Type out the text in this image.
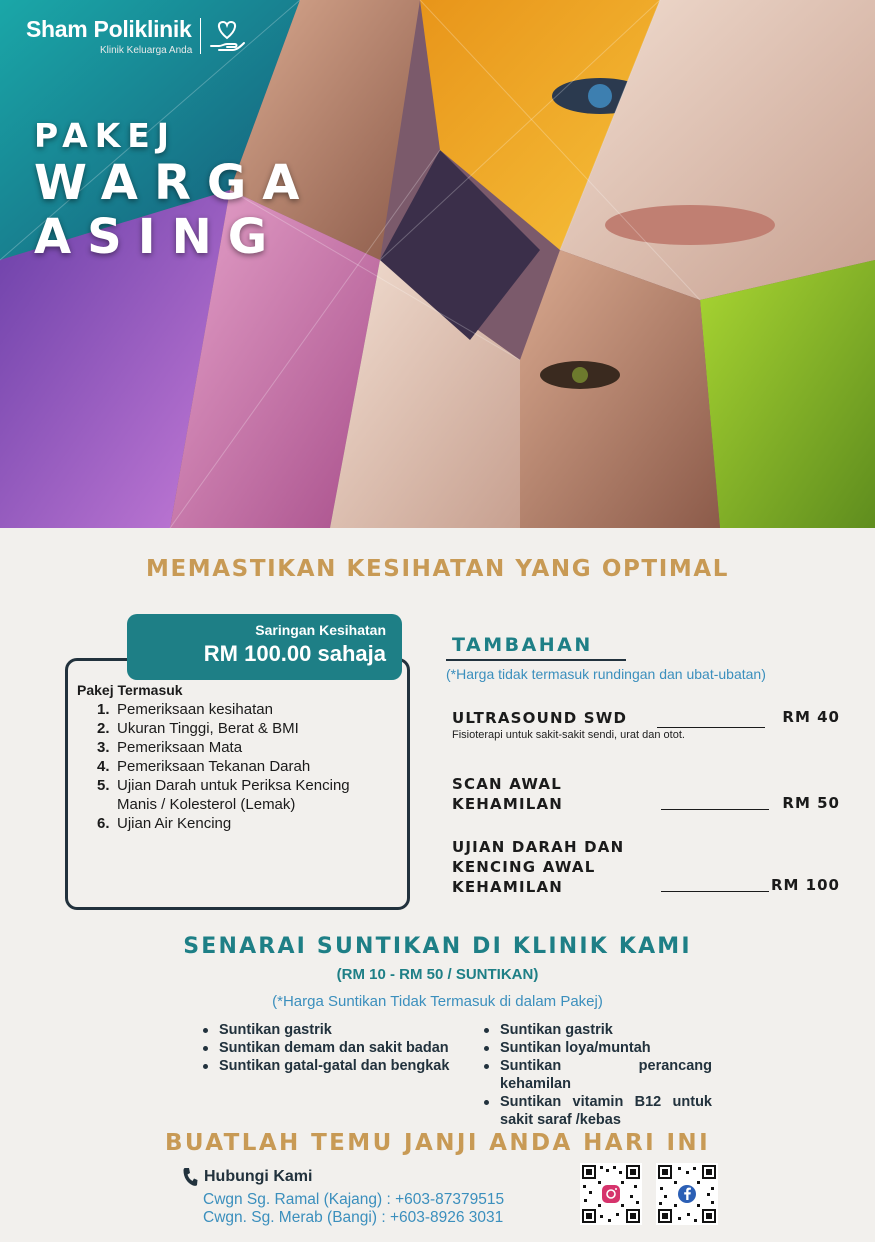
Sham Poliklinik
Klinik Keluarga Anda
PAKEJ
WARGA
ASING
MEMASTIKAN KESIHATAN YANG OPTIMAL
Saringan Kesihatan
RM 100.00 sahaja
Pakej Termasuk
1. Pemeriksaan kesihatan
2. Ukuran Tinggi, Berat & BMI
3. Pemeriksaan Mata
4. Pemeriksaan Tekanan Darah
5. Ujian Darah untuk Periksa Kencing Manis / Kolesterol (Lemak)
6. Ujian Air Kencing
TAMBAHAN
(*Harga tidak termasuk rundingan dan ubat-ubatan)
ULTRASOUND SWD	RM 40
Fisioterapi untuk sakit-sakit sendi, urat dan otot.
SCAN AWAL
KEHAMILAN	RM 50
UJIAN DARAH DAN
KENCING AWAL
KEHAMILAN	RM 100
SENARAI SUNTIKAN DI KLINIK KAMI
(RM 10 - RM 50 / SUNTIKAN)
(*Harga Suntikan Tidak Termasuk di dalam Pakej)
Suntikan gastrik
Suntikan demam dan sakit badan
Suntikan gatal-gatal dan bengkak
Suntikan gastrik
Suntikan loya/muntah
Suntikan perancang kehamilan
Suntikan vitamin B12 untuk sakit saraf /kebas
BUATLAH TEMU JANJI ANDA HARI INI
Hubungi Kami
Cwgn Sg. Ramal (Kajang) : +603-87379515
Cwgn. Sg. Merab (Bangi) : +603-8926 3031
